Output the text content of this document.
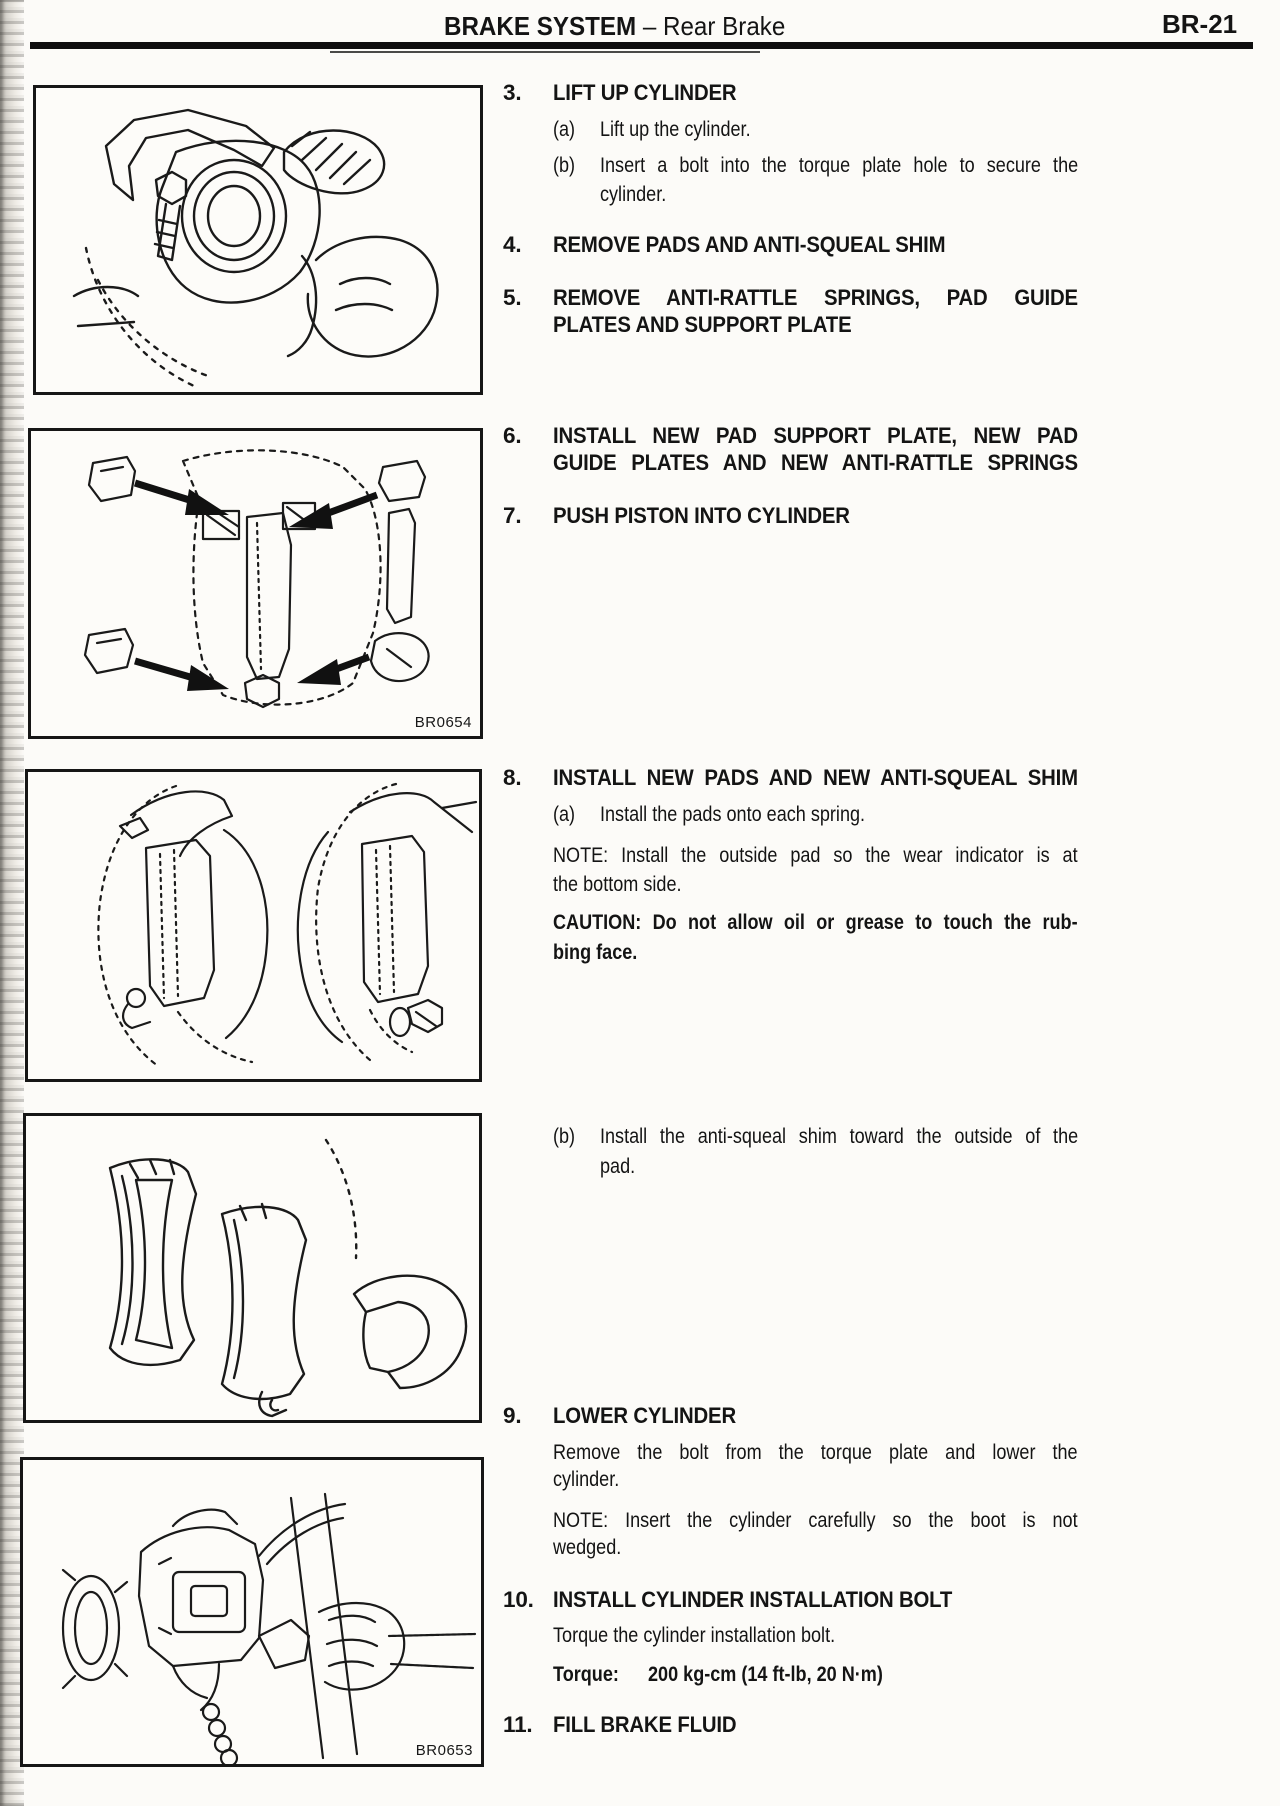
BRAKE SYSTEM – Rear Brake	BR-21
BR0654
BR0653
3. LIFT UP CYLINDER
(a) Lift up the cylinder.
(b) Insert a bolt into the torque plate hole to secure the
cylinder.
4. REMOVE PADS AND ANTI-SQUEAL SHIM
5. REMOVE ANTI-RATTLE SPRINGS, PAD GUIDE
PLATES AND SUPPORT PLATE
6. INSTALL NEW PAD SUPPORT PLATE, NEW PAD
GUIDE PLATES AND NEW ANTI-RATTLE SPRINGS
7. PUSH PISTON INTO CYLINDER
8. INSTALL NEW PADS AND NEW ANTI-SQUEAL SHIM
(a) Install the pads onto each spring.
NOTE: Install the outside pad so the wear indicator is at
the bottom side.
CAUTION: Do not allow oil or grease to touch the rub-
bing face.
(b) Install the anti-squeal shim toward the outside of the
pad.
9. LOWER CYLINDER
Remove the bolt from the torque plate and lower the
cylinder.
NOTE: Insert the cylinder carefully so the boot is not
wedged.
10. INSTALL CYLINDER INSTALLATION BOLT
Torque the cylinder installation bolt.
Torque: 200 kg-cm (14 ft-lb, 20 N·m)
11. FILL BRAKE FLUID
